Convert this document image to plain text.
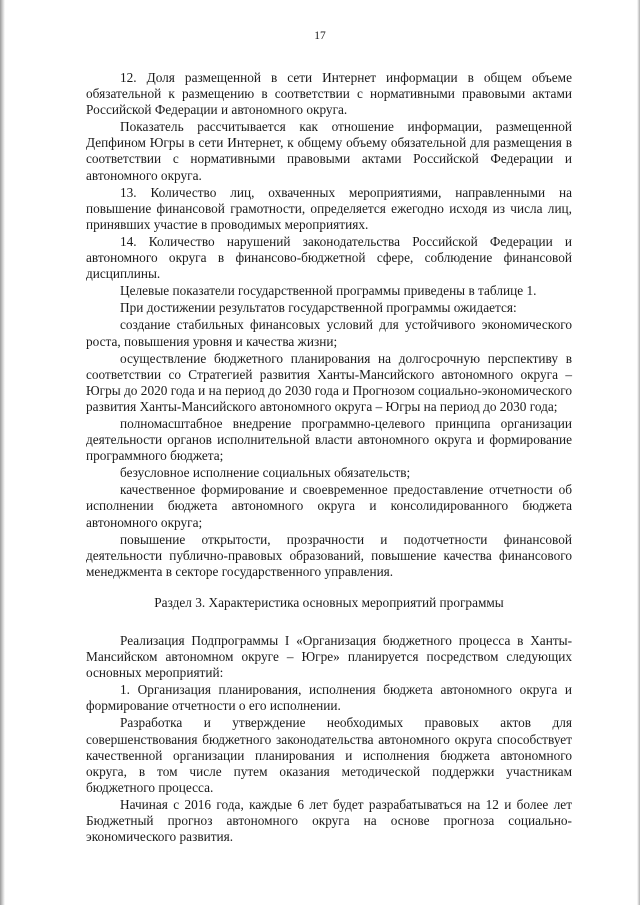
17

12. Доля размещенной в сети Интернет информации в общем объеме обязательной к размещению в соответствии с нормативными правовыми актами Российской Федерации и автономного округа.

Показатель рассчитывается как отношение информации, размещенной Депфином Югры в сети Интернет, к общему объему обязательной для размещения в соответствии с нормативными правовыми актами Российской Федерации и автономного округа.

13. Количество лиц, охваченных мероприятиями, направленными на повышение финансовой грамотности, определяется ежегодно исходя из числа лиц, принявших участие в проводимых мероприятиях.

14. Количество нарушений законодательства Российской Федерации и автономного округа в финансово-бюджетной сфере, соблюдение финансовой дисциплины.

Целевые показатели государственной программы приведены в таблице 1.

При достижении результатов государственной программы ожидается:

создание стабильных финансовых условий для устойчивого экономического роста, повышения уровня и качества жизни;

осуществление бюджетного планирования на долгосрочную перспективу в соответствии со Стратегией развития Ханты-Мансийского автономного округа – Югры до 2020 года и на период до 2030 года и Прогнозом социально-экономического развития Ханты-Мансийского автономного округа – Югры на период до 2030 года;

полномасштабное внедрение программно-целевого принципа организации деятельности органов исполнительной власти автономного округа и формирование программного бюджета;

безусловное исполнение социальных обязательств;

качественное формирование и своевременное предоставление отчетности об исполнении бюджета автономного округа и консолидированного бюджета автономного округа;

повышение открытости, прозрачности и подотчетности финансовой деятельности публично-правовых образований, повышение качества финансового менеджмента в секторе государственного управления.

Раздел 3. Характеристика основных мероприятий программы

Реализация Подпрограммы I «Организация бюджетного процесса в Ханты-Мансийском автономном округе – Югре» планируется посредством следующих основных мероприятий:

1. Организация планирования, исполнения бюджета автономного округа и формирование отчетности о его исполнении.

Разработка и утверждение необходимых правовых актов для совершенствования бюджетного законодательства автономного округа способствует качественной организации планирования и исполнения бюджета автономного округа, в том числе путем оказания методической поддержки участникам бюджетного процесса.

Начиная с 2016 года, каждые 6 лет будет разрабатываться на 12 и более лет Бюджетный прогноз автономного округа на основе прогноза социально-экономического развития.
